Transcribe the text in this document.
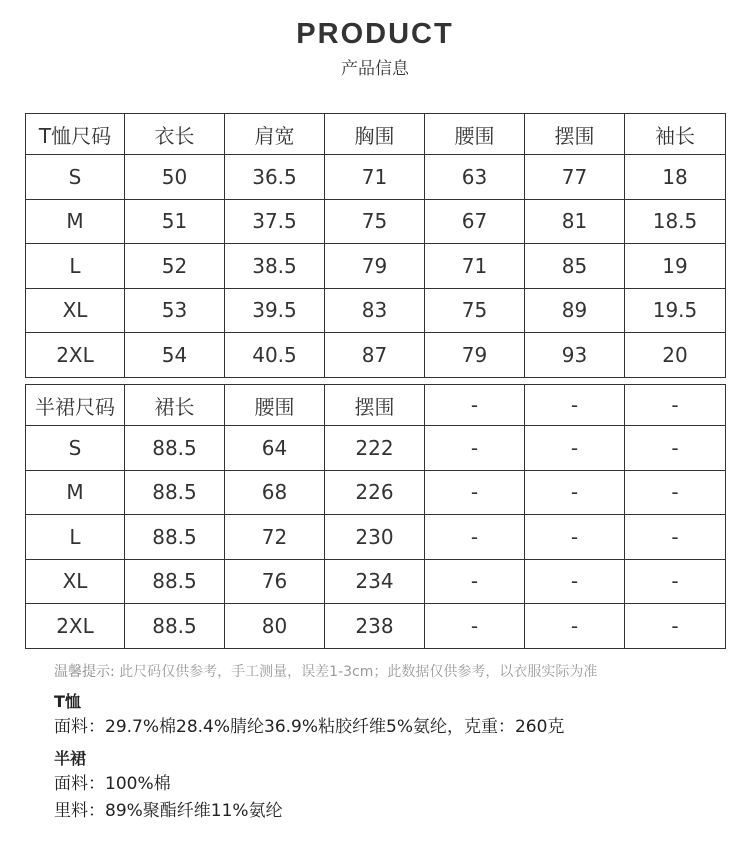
PRODUCT
产品信息
T恤尺码	衣长	肩宽	胸围	腰围	摆围	袖长
S	50	36.5	71	63	77	18
M	51	37.5	75	67	81	18.5
L	52	38.5	79	71	85	19
XL	53	39.5	83	75	89	19.5
2XL	54	40.5	87	79	93	20
半裙尺码	裙长	腰围	摆围	-	-	-
S	88.5	64	222	-	-	-
M	88.5	68	226	-	-	-
L	88.5	72	230	-	-	-
XL	88.5	76	234	-	-	-
2XL	88.5	80	238	-	-	-
温馨提示: 此尺码仅供参考，手工测量，误差1-3cm；此数据仅供参考，以衣服实际为准
T恤
面料：29.7%棉28.4%腈纶36.9%粘胶纤维5%氨纶，克重：260克
半裙
面料：100%棉
里料：89%聚酯纤维11%氨纶
